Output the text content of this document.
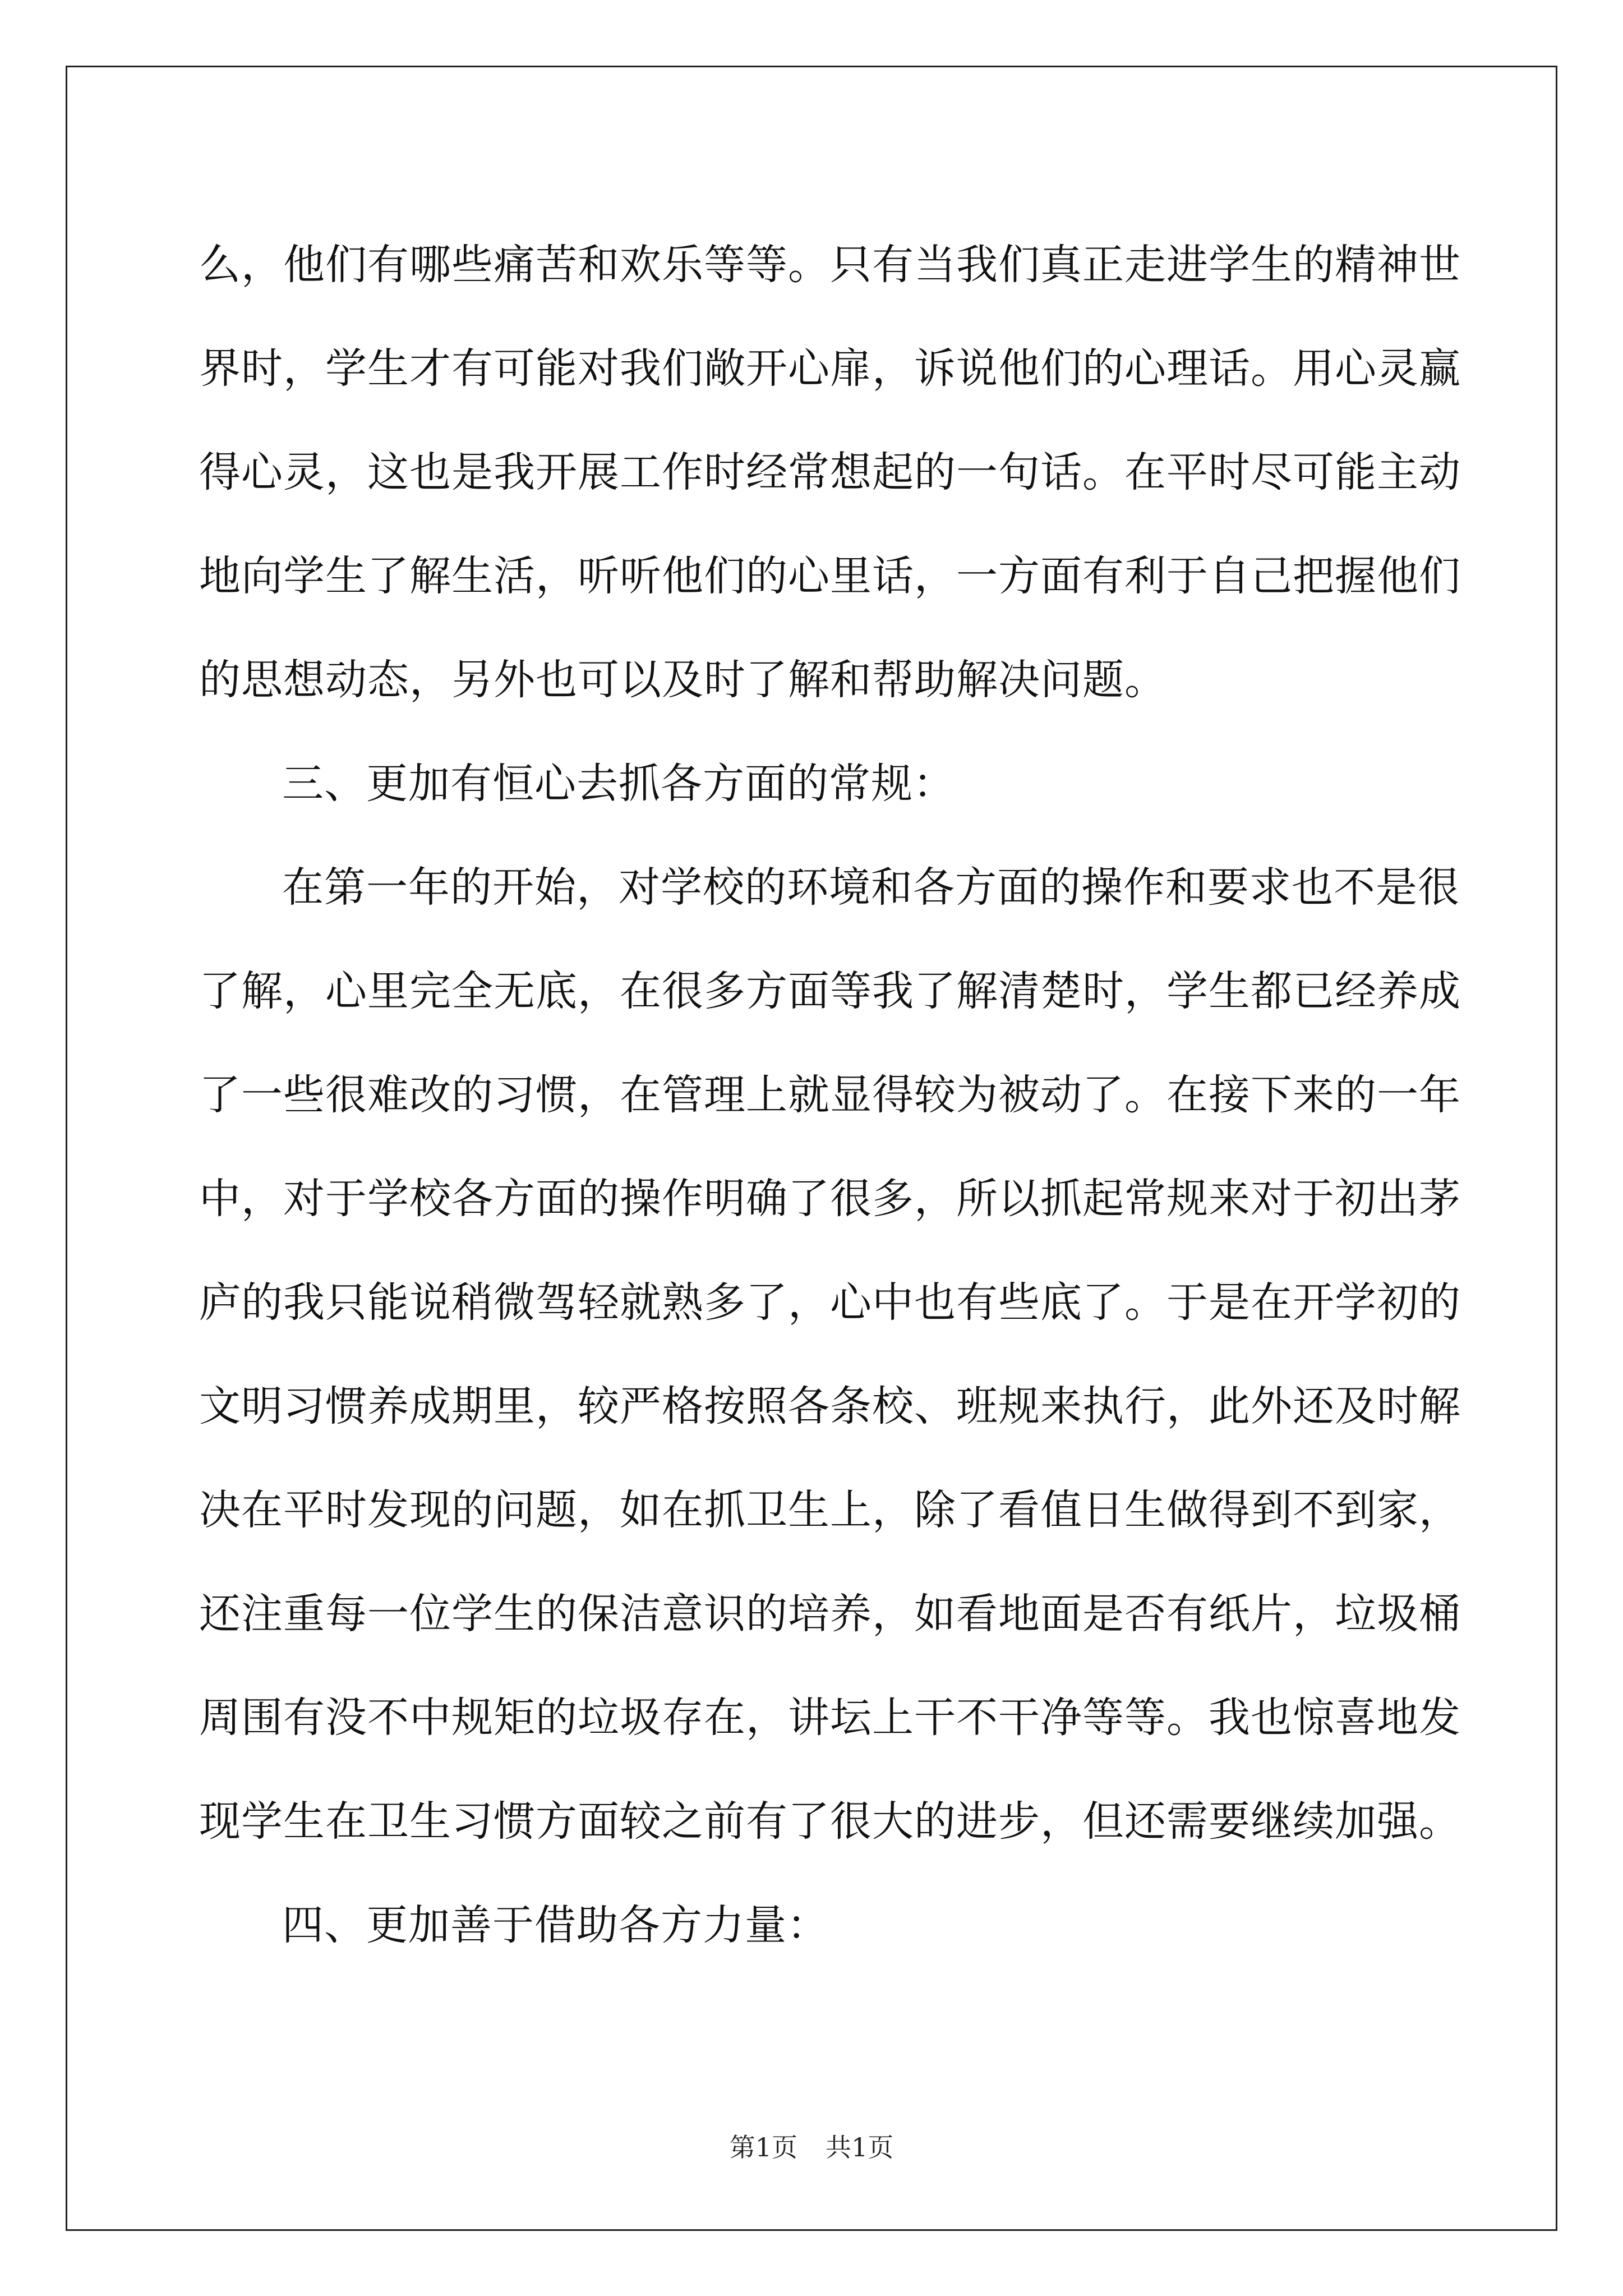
么，他们有哪些痛苦和欢乐等等。只有当我们真正走进学生的精神世
界时，学生才有可能对我们敞开心扉，诉说他们的心理话。用心灵赢
得心灵，这也是我开展工作时经常想起的一句话。在平时尽可能主动
地向学生了解生活，听听他们的心里话，一方面有利于自己把握他们
的思想动态，另外也可以及时了解和帮助解决问题。
三、更加有恒心去抓各方面的常规：
在第一年的开始，对学校的环境和各方面的操作和要求也不是很
了解，心里完全无底，在很多方面等我了解清楚时，学生都已经养成
了一些很难改的习惯，在管理上就显得较为被动了。在接下来的一年
中，对于学校各方面的操作明确了很多，所以抓起常规来对于初出茅
庐的我只能说稍微驾轻就熟多了，心中也有些底了。于是在开学初的
文明习惯养成期里，较严格按照各条校、班规来执行，此外还及时解
决在平时发现的问题，如在抓卫生上，除了看值日生做得到不到家，
还注重每一位学生的保洁意识的培养，如看地面是否有纸片，垃圾桶
周围有没不中规矩的垃圾存在，讲坛上干不干净等等。我也惊喜地发
现学生在卫生习惯方面较之前有了很大的进步，但还需要继续加强。
四、更加善于借助各方力量：
第1页 共1页
